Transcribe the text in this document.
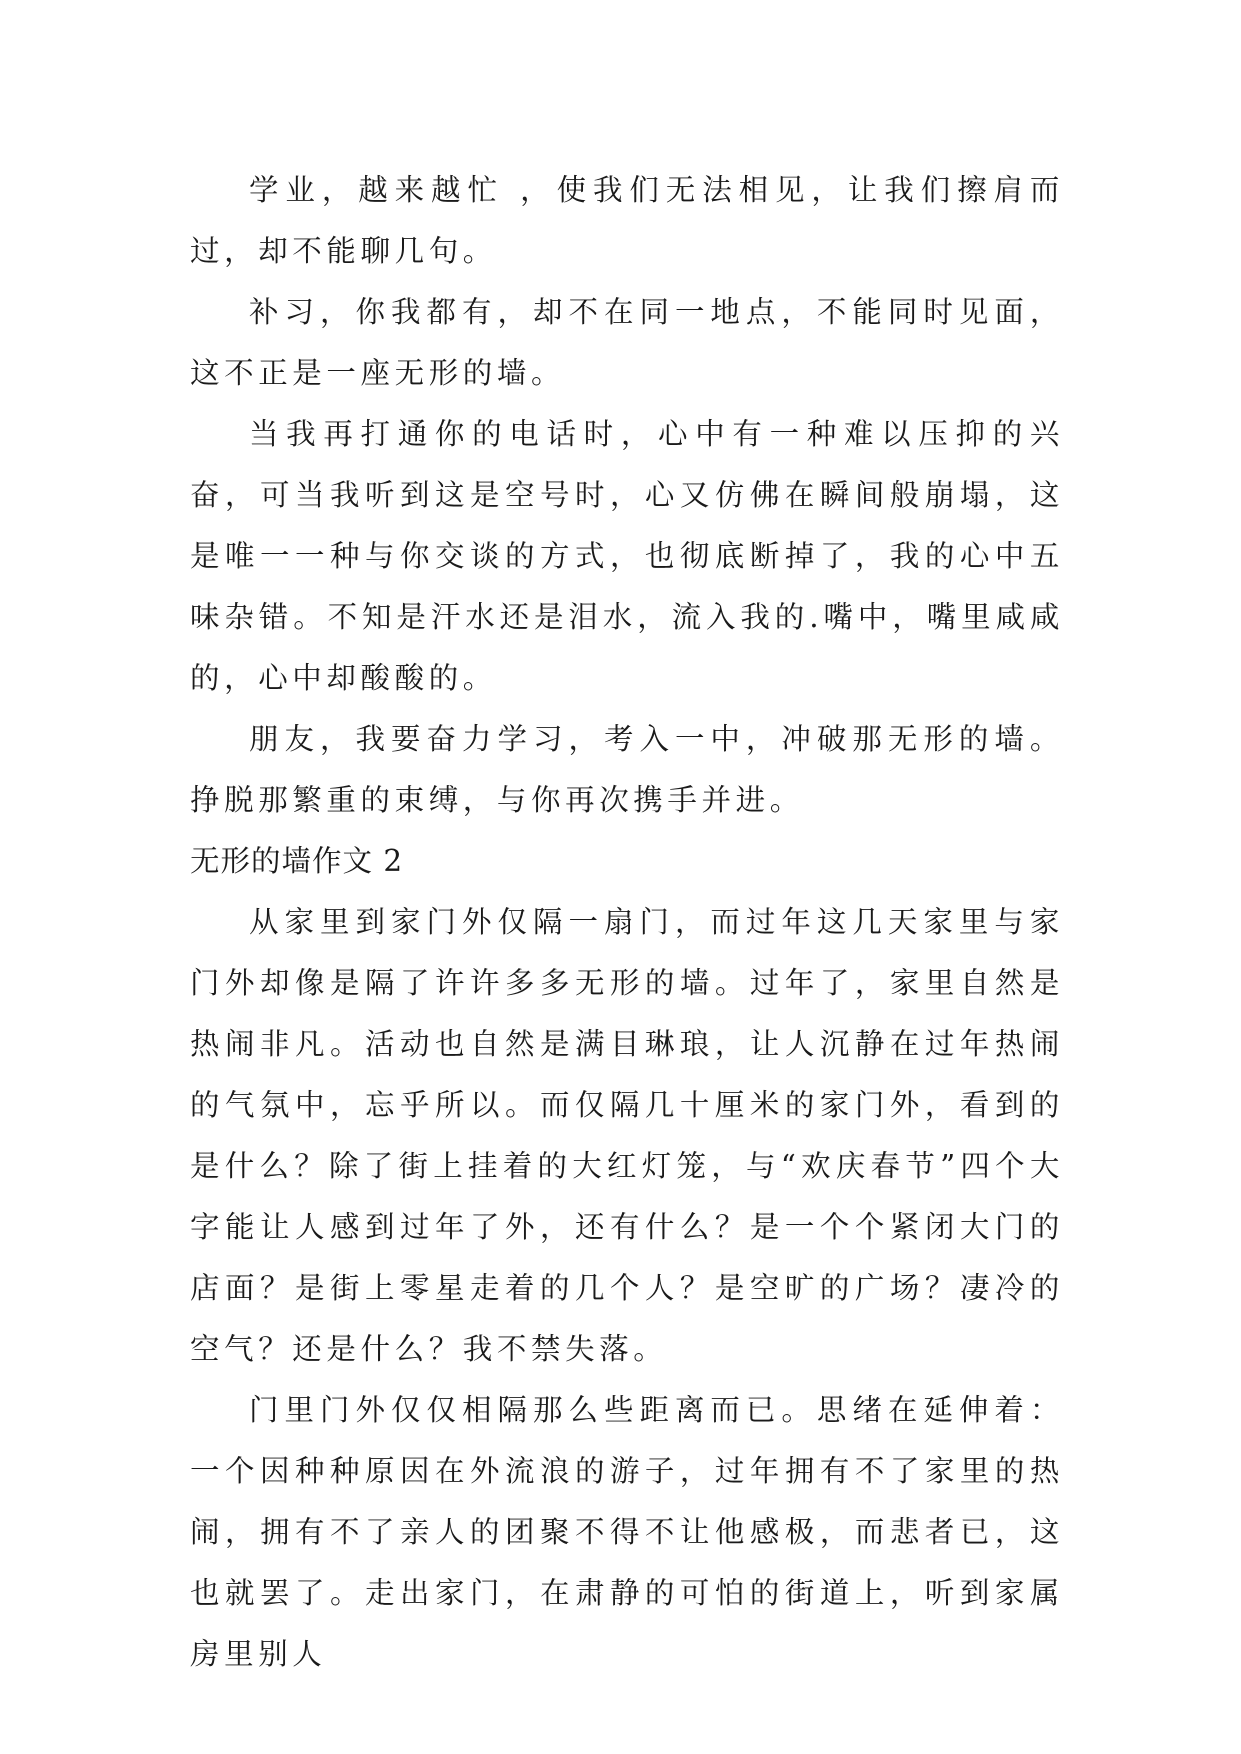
学业，越来越忙 ，使我们无法相见，让我们擦肩而过，却不能聊几句。

补习，你我都有，却不在同一地点，不能同时见面，这不正是一座无形的墙。

当我再打通你的电话时，心中有一种难以压抑的兴奋，可当我听到这是空号时，心又仿佛在瞬间般崩塌，这是唯一一种与你交谈的方式，也彻底断掉了，我的心中五味杂错。不知是汗水还是泪水，流入我的.嘴中，嘴里咸咸的，心中却酸酸的。

朋友，我要奋力学习，考入一中，冲破那无形的墙。挣脱那繁重的束缚，与你再次携手并进。

无形的墙作文 2

从家里到家门外仅隔一扇门，而过年这几天家里与家门外却像是隔了许许多多无形的墙。过年了，家里自然是热闹非凡。活动也自然是满目琳琅，让人沉静在过年热闹的气氛中，忘乎所以。而仅隔几十厘米的家门外，看到的是什么？除了街上挂着的大红灯笼，与“欢庆春节”四个大字能让人感到过年了外，还有什么？是一个个紧闭大门的店面？是街上零星走着的几个人？是空旷的广场？凄冷的空气？还是什么？我不禁失落。

门里门外仅仅相隔那么些距离而已。思绪在延伸着：一个因种种原因在外流浪的游子，过年拥有不了家里的热闹，拥有不了亲人的团聚不得不让他感极，而悲者已，这也就罢了。走出家门，在肃静的可怕的街道上，听到家属房里别人
